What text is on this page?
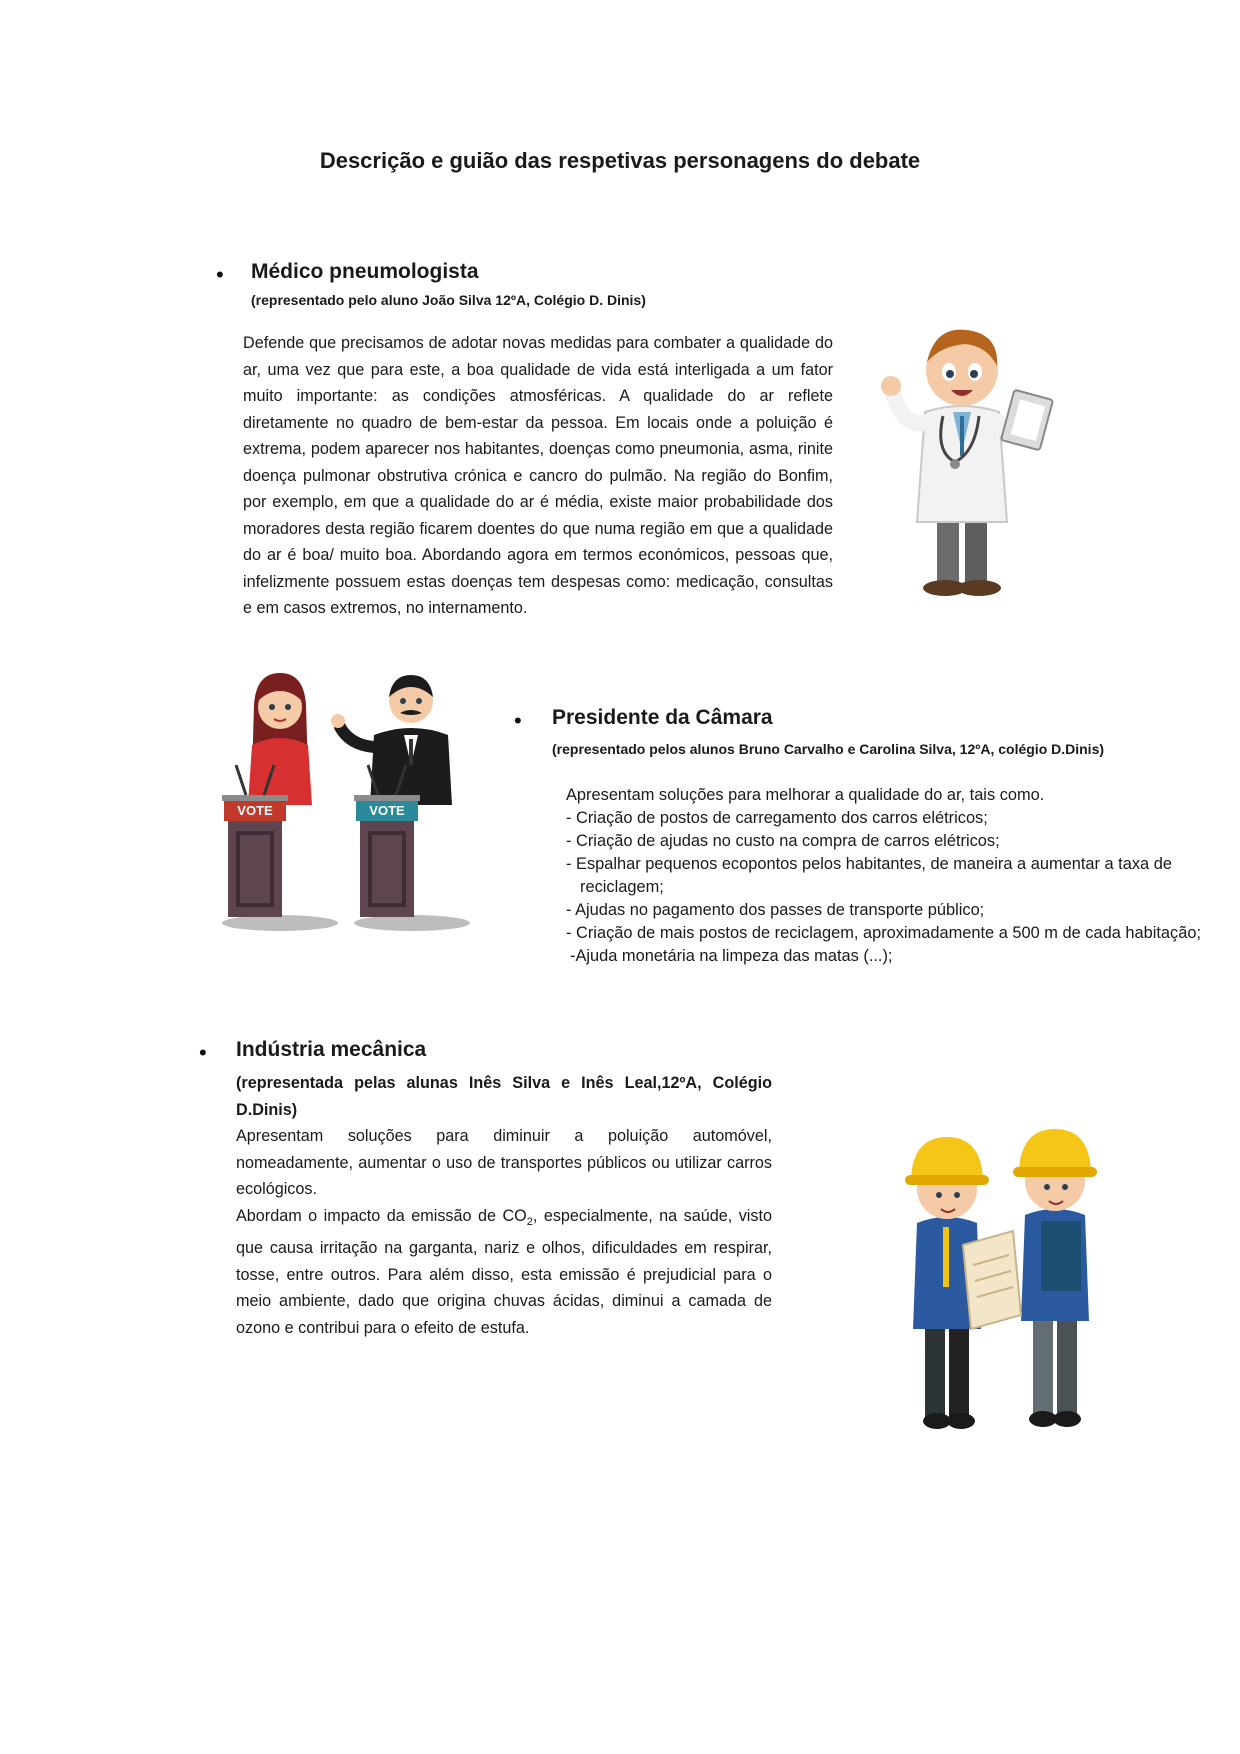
Descrição e guião das respetivas personagens do debate
• Médico pneumologista
(representado pelo aluno João Silva 12ºA, Colégio D. Dinis)

Defende que precisamos de adotar novas medidas para combater a qualidade do ar, uma vez que para este, a boa qualidade de vida está interligada a um fator muito importante: as condições atmosféricas. A qualidade do ar reflete diretamente no quadro de bem-estar da pessoa. Em locais onde a poluição é extrema, podem aparecer nos habitantes, doenças como pneumonia, asma, rinite doença pulmonar obstrutiva crónica e cancro do pulmão. Na região do Bonfim, por exemplo, em que a qualidade do ar é média, existe maior probabilidade dos moradores desta região ficarem doentes do que numa região em que a qualidade do ar é boa/ muito boa. Abordando agora em termos económicos, pessoas que, infelizmente possuem estas doenças tem despesas como: medicação, consultas e em casos extremos, no internamento.

VOTE	VOTE
• Presidente da Câmara
(representado pelos alunos Bruno Carvalho e Carolina Silva, 12ºA, colégio D.Dinis)
Apresentam soluções para melhorar a qualidade do ar, tais como.
- Criação de postos de carregamento dos carros elétricos;
- Criação de ajudas no custo na compra de carros elétricos;
- Espalhar pequenos ecopontos pelos habitantes, de maneira a aumentar a taxa de
reciclagem;
- Ajudas no pagamento dos passes de transporte público;
- Criação de mais postos de reciclagem, aproximadamente a 500 m de cada habitação;
-Ajuda monetária na limpeza das matas (...);
• Indústria mecânica

(representada pelas alunas Inês Silva e Inês Leal,12ºA, Colégio D.Dinis)

Apresentam soluções para diminuir a poluição automóvel, nomeadamente, aumentar o uso de transportes públicos ou utilizar carros ecológicos.

Abordam o impacto da emissão de $CO_2$, especialmente, na saúde, visto que causa irritação na garganta, nariz e olhos, dificuldades em respirar, tosse, entre outros. Para além disso, esta emissão é prejudicial para o meio ambiente, dado que origina chuvas ácidas, diminui a camada de ozono e contribui para o efeito de estufa.
